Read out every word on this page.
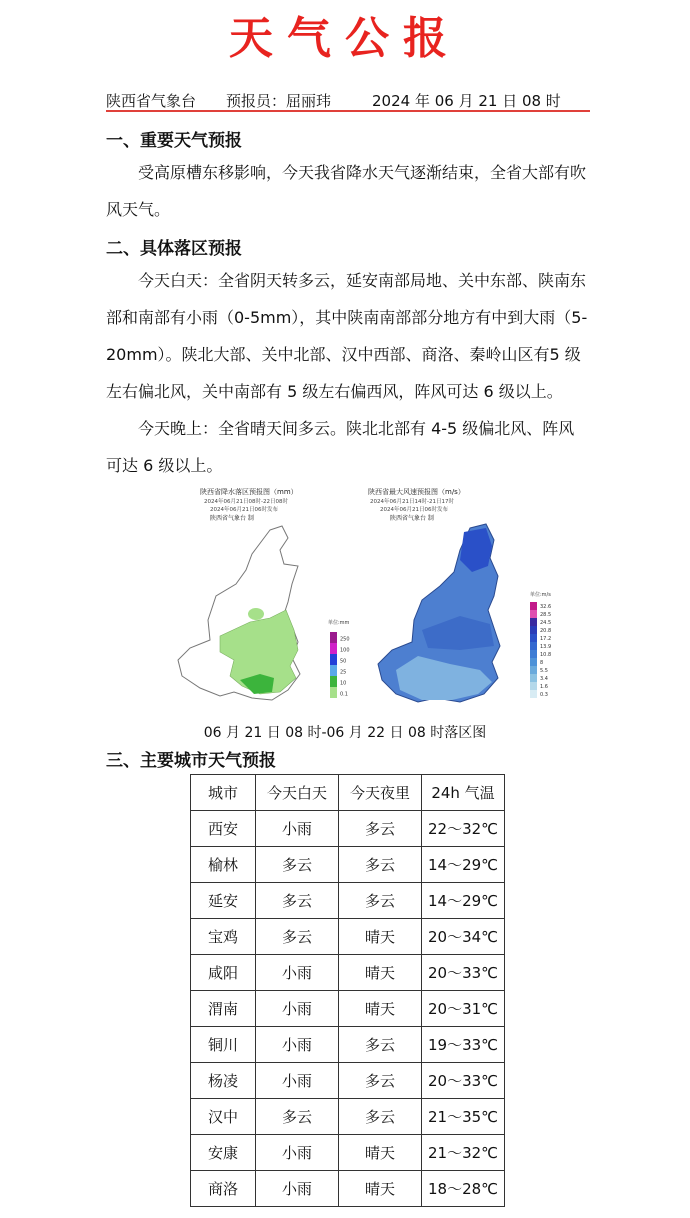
天气公报
陕西省气象台 预报员：屈丽玮	2024 年 06 月 21 日 08 时
一、重要天气预报

受高原槽东移影响，今天我省降水天气逐渐结束，全省大部有吹风天气。

二、具体落区预报

今天白天：全省阴天转多云，延安南部局地、关中东部、陕南东部和南部有小雨（0-5mm），其中陕南南部部分地方有中到大雨（5-20mm）。陕北大部、关中北部、汉中西部、商洛、秦岭山区有5 级左右偏北风，关中南部有 5 级左右偏西风，阵风可达 6 级以上。

今天晚上：全省晴天间多云。陕北北部有 4-5 级偏北风、阵风可达 6 级以上。

陕西省降水落区预报图（mm）
2024年06月21日08时-22日08时
2024年06月21日06时发布
陕西省气象台 制
单位:mm
250
100
50
25
10
0.1
陕西省最大风速预报图（m/s）
2024年06月21日14时-21日17时
2024年06月21日06时发布
陕西省气象台 制
单位:m/s
32.6
28.5
24.5
20.8
17.2
13.9
10.8
8
5.5
3.4
1.6
0.3
06 月 21 日 08 时-06 月 22 日 08 时落区图
三、主要城市天气预报
城市	今天白天	今天夜里	24h 气温
西安	小雨	多云	22～32℃
榆林	多云	多云	14～29℃
延安	多云	多云	14～29℃
宝鸡	多云	晴天	20～34℃
咸阳	小雨	晴天	20～33℃
渭南	小雨	晴天	20～31℃
铜川	小雨	多云	19～33℃
杨凌	小雨	多云	20～33℃
汉中	多云	多云	21～35℃
安康	小雨	晴天	21～32℃
商洛	小雨	晴天	18～28℃
